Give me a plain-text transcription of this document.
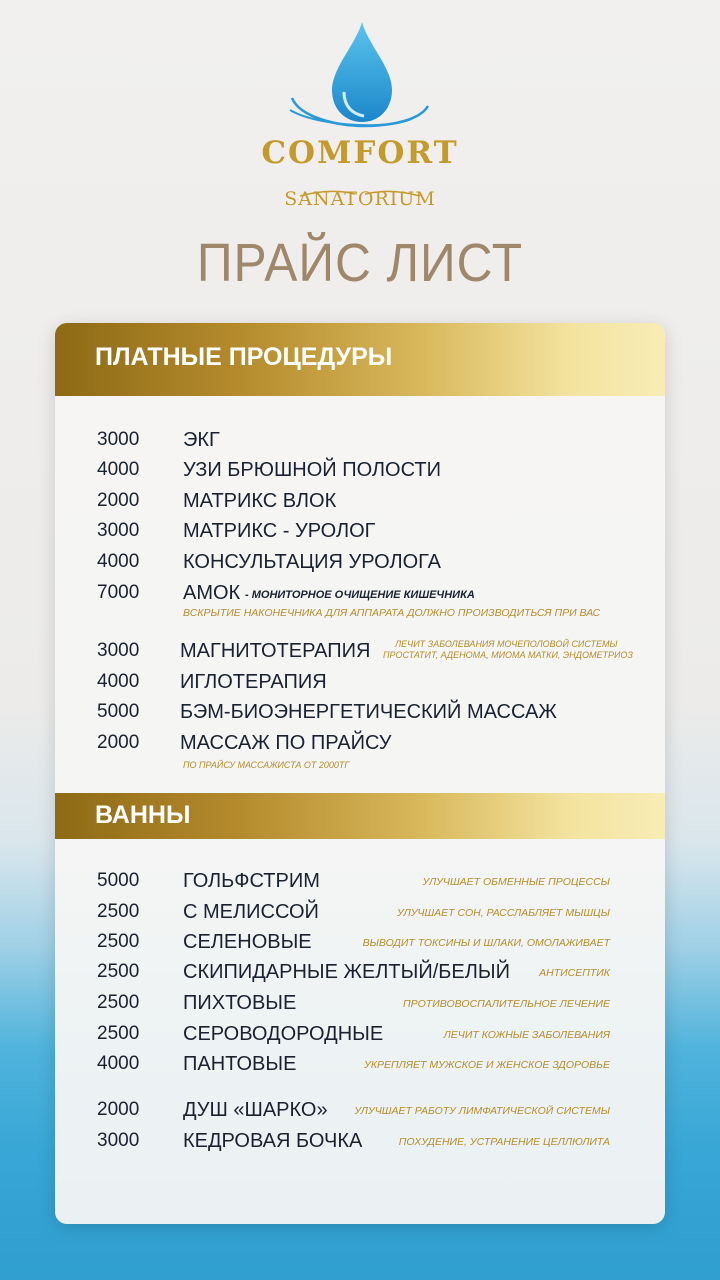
COMFORT
SANATORIUM
ПРАЙС ЛИСТ
ПЛАТНЫЕ ПРОЦЕДУРЫ
3000 ЭКГ
4000 УЗИ БРЮШНОЙ ПОЛОСТИ
2000 МАТРИКС ВЛОК
3000 МАТРИКС - УРОЛОГ
4000 КОНСУЛЬТАЦИЯ УРОЛОГА
7000 АМОК - МОНИТОРНОЕ ОЧИЩЕНИЕ КИШЕЧНИКА
ВСКРЫТИЕ НАКОНЕЧНИКА ДЛЯ АППАРАТА ДОЛЖНО ПРОИЗВОДИТЬСЯ ПРИ ВАС
3000 МАГНИТОТЕРАПИЯ	ЛЕЧИТ ЗАБОЛЕВАНИЯ МОЧЕПОЛОВОЙ СИСТЕМЫ
ПРОСТАТИТ, АДЕНОМА, МИОМА МАТКИ, ЭНДОМЕТРИОЗ
4000 ИГЛОТЕРАПИЯ
5000 БЭМ-БИОЭНЕРГЕТИЧЕСКИЙ МАССАЖ
2000 МАССАЖ ПО ПРАЙСУ
ПО ПРАЙСУ МАССАЖИСТА ОТ 2000ТГ
ВАННЫ
5000 ГОЛЬФСТРИМ	УЛУЧШАЕТ ОБМЕННЫЕ ПРОЦЕССЫ
2500 С МЕЛИССОЙ	УЛУЧШАЕТ СОН, РАССЛАБЛЯЕТ МЫШЦЫ
2500 СЕЛЕНОВЫЕ	ВЫВОДИТ ТОКСИНЫ И ШЛАКИ, ОМОЛАЖИВАЕТ
2500 СКИПИДАРНЫЕ ЖЕЛТЫЙ/БЕЛЫЙ	АНТИСЕПТИК
2500 ПИХТОВЫЕ	ПРОТИВОВОСПАЛИТЕЛЬНОЕ ЛЕЧЕНИЕ
2500 СЕРОВОДОРОДНЫЕ	ЛЕЧИТ КОЖНЫЕ ЗАБОЛЕВАНИЯ
4000 ПАНТОВЫЕ	УКРЕПЛЯЕТ МУЖСКОЕ И ЖЕНСКОЕ ЗДОРОВЬЕ
2000 ДУШ «ШАРКО»	УЛУЧШАЕТ РАБОТУ ЛИМФАТИЧЕСКОЙ СИСТЕМЫ
3000 КЕДРОВАЯ БОЧКА	ПОХУДЕНИЕ, УСТРАНЕНИЕ ЦЕЛЛЮЛИТА
